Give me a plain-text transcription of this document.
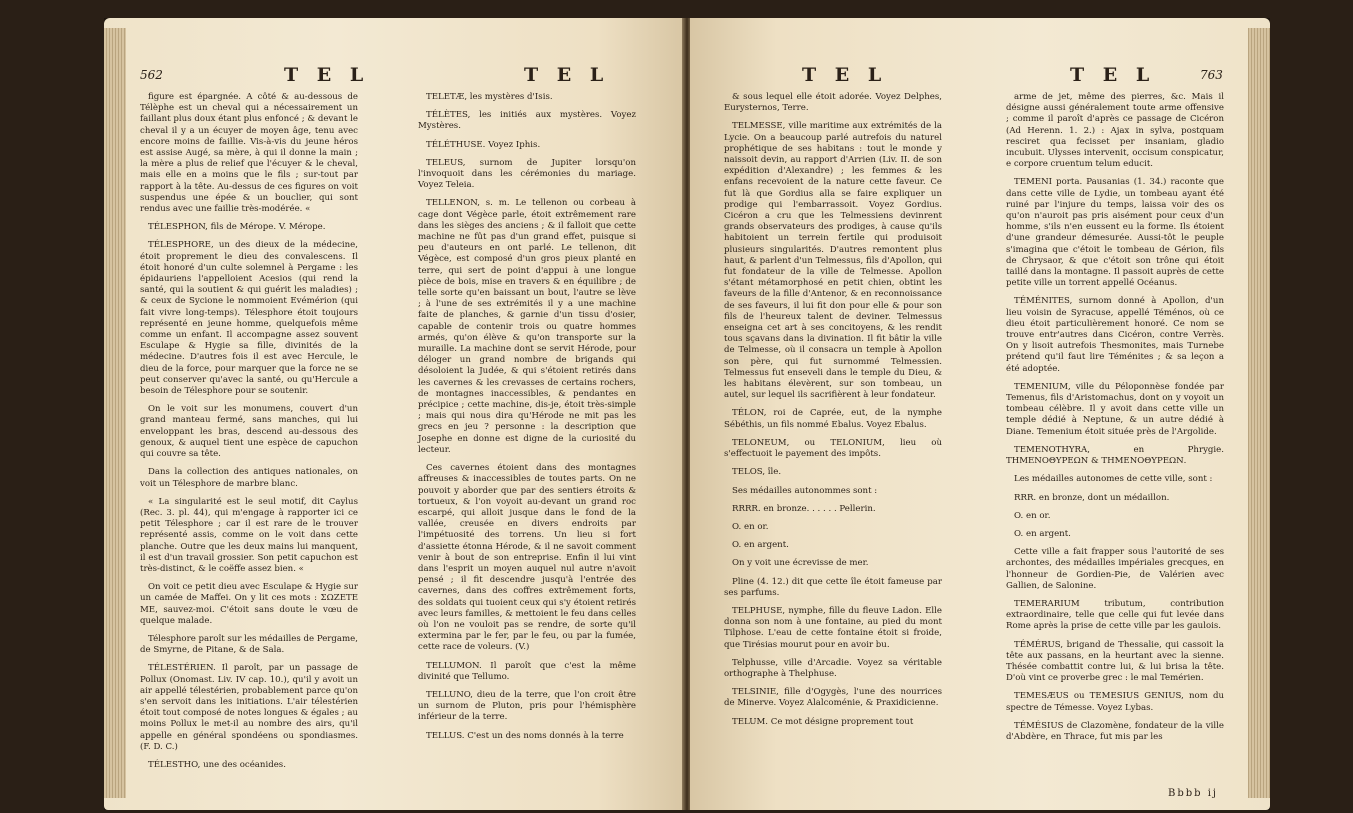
562	T E L	T E L

figure est épargnée. A côté & au-dessous de Télèphe est un cheval qui a nécessairement un faillant plus doux étant plus enfoncé ; & devant le cheval il y a un écuyer de moyen âge, tenu avec encore moins de faillie. Vis-à-vis du jeune héros est assise Augé, sa mère, à qui il donne la main ; la mère a plus de relief que l'écuyer & le cheval, mais elle en a moins que le fils ; sur-tout par rapport à la tête. Au-dessus de ces figures on voit suspendus une épée & un bouclier, qui sont rendus avec une faillie très-modérée. «

TÉLESPHON, fils de Mérope. V. Mérope.

TÉLESPHORE, un des dieux de la médecine, étoit proprement le dieu des convalescens. Il étoit honoré d'un culte solemnel à Pergame : les épidauriens l'appelloient Acesios (qui rend la santé, qui la soutient & qui guérit les maladies) ; & ceux de Sycione le nommoient Evémérion (qui fait vivre long-temps). Télesphore étoit toujours représenté en jeune homme, quelquefois même comme un enfant. Il accompagne assez souvent Esculape & Hygie sa fille, divinités de la médecine. D'autres fois il est avec Hercule, le dieu de la force, pour marquer que la force ne se peut conserver qu'avec la santé, ou qu'Hercule a besoin de Télesphore pour se soutenir.

On le voit sur les monumens, couvert d'un grand manteau fermé, sans manches, qui lui enveloppant les bras, descend au-dessous des genoux, & auquel tient une espèce de capuchon qui couvre sa tête.

Dans la collection des antiques nationales, on voit un Télesphore de marbre blanc.

« La singularité est le seul motif, dit Caylus (Rec. 3. pl. 44), qui m'engage à rapporter ici ce petit Télesphore ; car il est rare de le trouver représenté assis, comme on le voit dans cette planche. Outre que les deux mains lui manquent, il est d'un travail grossier. Son petit capuchon est très-distinct, & le coëffe assez bien. «

On voit ce petit dieu avec Esculape & Hygie sur un camée de Maffei. On y lit ces mots : ΣΩΖΕΤΕ ΜΕ, sauvez-moi. C'étoit sans doute le vœu de quelque malade.

Télesphore paroît sur les médailles de Pergame, de Smyrne, de Pitane, & de Sala.

TÉLESTÉRIEN. Il paroît, par un passage de Pollux (Onomast. Liv. IV cap. 10.), qu'il y avoit un air appellé télestérien, probablement parce qu'on s'en servoit dans les initiations. L'air télestérien étoit tout composé de notes longues & égales ; au moins Pollux le met-il au nombre des airs, qu'il appelle en général spondéens ou spondiasmes. (F. D. C.)

TÉLESTHO, une des océanides.

TELETÆ, les mystères d'Isis.

TÉLÈTES, les initiés aux mystères. Voyez Mystères.

TÉLÉTHUSE. Voyez Iphis.

TELEUS, surnom de Jupiter lorsqu'on l'invoquoit dans les cérémonies du mariage. Voyez Teleia.

TELLENON, s. m. Le tellenon ou corbeau à cage dont Végèce parle, étoit extrêmement rare dans les sièges des anciens ; & il falloit que cette machine ne fût pas d'un grand effet, puisque si peu d'auteurs en ont parlé. Le tellenon, dit Végèce, est composé d'un gros pieux planté en terre, qui sert de point d'appui à une longue pièce de bois, mise en travers & en équilibre ; de telle sorte qu'en baissant un bout, l'autre se lève ; à l'une de ses extrémités il y a une machine faite de planches, & garnie d'un tissu d'osier, capable de contenir trois ou quatre hommes armés, qu'on élève & qu'on transporte sur la muraille. La machine dont se servit Hérode, pour déloger un grand nombre de brigands qui désoloient la Judée, & qui s'étoient retirés dans les cavernes & les crevasses de certains rochers, de montagnes inaccessibles, & pendantes en précipice ; cette machine, dis-je, étoit très-simple ; mais qui nous dira qu'Hérode ne mit pas les grecs en jeu ? personne : la description que Josephe en donne est digne de la curiosité du lecteur.

Ces cavernes étoient dans des montagnes affreuses & inaccessibles de toutes parts. On ne pouvoit y aborder que par des sentiers étroits & tortueux, & l'on voyoit au-devant un grand roc escarpé, qui alloit jusque dans le fond de la vallée, creusée en divers endroits par l'impétuosité des torrens. Un lieu si fort d'assiette étonna Hérode, & il ne savoit comment venir à bout de son entreprise. Enfin il lui vint dans l'esprit un moyen auquel nul autre n'avoit pensé ; il fit descendre jusqu'à l'entrée des cavernes, dans des coffres extrêmement forts, des soldats qui tuoient ceux qui s'y étoient retirés avec leurs familles, & mettoient le feu dans celles où l'on ne vouloit pas se rendre, de sorte qu'il extermina par le fer, par le feu, ou par la fumée, cette race de voleurs. (V.)

TELLUMON. Il paroît que c'est la même divinité que Tellumo.

TELLUNO, dieu de la terre, que l'on croit être un surnom de Pluton, pris pour l'hémisphère inférieur de la terre.

TELLUS. C'est un des noms donnés à la terre

T E L	T E L	763

& sous lequel elle étoit adorée. Voyez Delphes, Eurysternos, Terre.

TELMESSE, ville maritime aux extrémités de la Lycie. On a beaucoup parlé autrefois du naturel prophétique de ses habitans : tout le monde y naissoit devin, au rapport d'Arrien (Liv. II. de son expédition d'Alexandre) ; les femmes & les enfans recevoient de la nature cette faveur. Ce fut là que Gordius alla se faire expliquer un prodige qui l'embarrassoit. Voyez Gordius. Cicéron a cru que les Telmessiens devinrent grands observateurs des prodiges, à cause qu'ils habitoient un terrein fertile qui produisoit plusieurs singularités. D'autres remontent plus haut, & parlent d'un Telmessus, fils d'Apollon, qui fut fondateur de la ville de Telmesse. Apollon s'étant métamorphosé en petit chien, obtint les faveurs de la fille d'Antenor, & en reconnoissance de ses faveurs, il lui fit don pour elle & pour son fils de l'heureux talent de deviner. Telmessus enseigna cet art à ses concitoyens, & les rendit tous sçavans dans la divination. Il fit bâtir la ville de Telmesse, où il consacra un temple à Apollon son père, qui fut surnommé Telmessien. Telmessus fut enseveli dans le temple du Dieu, & les habitans élevèrent, sur son tombeau, un autel, sur lequel ils sacrifièrent à leur fondateur.

TÉLON, roi de Caprée, eut, de la nymphe Sébéthis, un fils nommé Ebalus. Voyez Ebalus.

TELONEUM, ou TELONIUM, lieu où s'effectuoit le payement des impôts.

TELOS, île.

Ses médailles autonommes sont :

RRRR. en bronze. . . . . . Pellerin.

O. en or.

O. en argent.

On y voit une écrevisse de mer.

Pline (4. 12.) dit que cette île étoit fameuse par ses parfums.

TELPHUSE, nymphe, fille du fleuve Ladon. Elle donna son nom à une fontaine, au pied du mont Tilphose. L'eau de cette fontaine étoit si froide, que Tirésias mourut pour en avoir bu.

Telphusse, ville d'Arcadie. Voyez sa véritable orthographe à Thelphuse.

TELSINIE, fille d'Ogygès, l'une des nourrices de Minerve. Voyez Alalcoménie, & Praxidicienne.

TELUM. Ce mot désigne proprement tout

arme de jet, même des pierres, &c. Mais il désigne aussi généralement toute arme offensive ; comme il paroît d'après ce passage de Cicéron (Ad Herenn. 1. 2.) : Ajax in sylva, postquam resciret qua fecisset per insaniam, gladio incubuit. Ulysses intervenit, occisum conspicatur, e corpore cruentum telum educit.

TEMENI porta. Pausanias (1. 34.) raconte que dans cette ville de Lydie, un tombeau ayant été ruiné par l'injure du temps, laissa voir des os qu'on n'auroit pas pris aisément pour ceux d'un homme, s'ils n'en eussent eu la forme. Ils étoient d'une grandeur démesurée. Aussi-tôt le peuple s'imagina que c'étoit le tombeau de Gérion, fils de Chrysaor, & que c'étoit son trône qui étoit taillé dans la montagne. Il passoit auprès de cette petite ville un torrent appellé Océanus.

TÉMÉNITES, surnom donné à Apollon, d'un lieu voisin de Syracuse, appellé Téménos, où ce dieu étoit particulièrement honoré. Ce nom se trouve entr'autres dans Cicéron, contre Verrès. On y lisoit autrefois Thesmonites, mais Turnebe prétend qu'il faut lire Téménites ; & sa leçon a été adoptée.

TEMENIUM, ville du Péloponnèse fondée par Temenus, fils d'Aristomachus, dont on y voyoit un tombeau célèbre. Il y avoit dans cette ville un temple dédié à Neptune, & un autre dédié à Diane. Temenium étoit située près de l'Argolide.

TEMENOTHYRA, en Phrygie. ΤΗΜΕΝΟΘΥΡΕΩΝ & ΤΗΜΕΝΟΘΥΡΕΩΝ.

Les médailles autonomes de cette ville, sont :

RRR. en bronze, dont un médaillon.

O. en or.

O. en argent.

Cette ville a fait frapper sous l'autorité de ses archontes, des médailles impériales grecques, en l'honneur de Gordien-Pie, de Valérien avec Gallien, de Salonine.

TEMERARIUM tributum, contribution extraordinaire, telle que celle qui fut levée dans Rome après la prise de cette ville par les gaulois.

TÉMÉRUS, brigand de Thessalie, qui cassoit la tête aux passans, en la heurtant avec la sienne. Thésée combattit contre lui, & lui brisa la tête. D'où vint ce proverbe grec : le mal Temérien.

TEMESÆUS ou TEMESIUS GENIUS, nom du spectre de Témesse. Voyez Lybas.

TÉMÉSIUS de Clazomène, fondateur de la ville d'Abdère, en Thrace, fut mis par les

Bbbb ij
